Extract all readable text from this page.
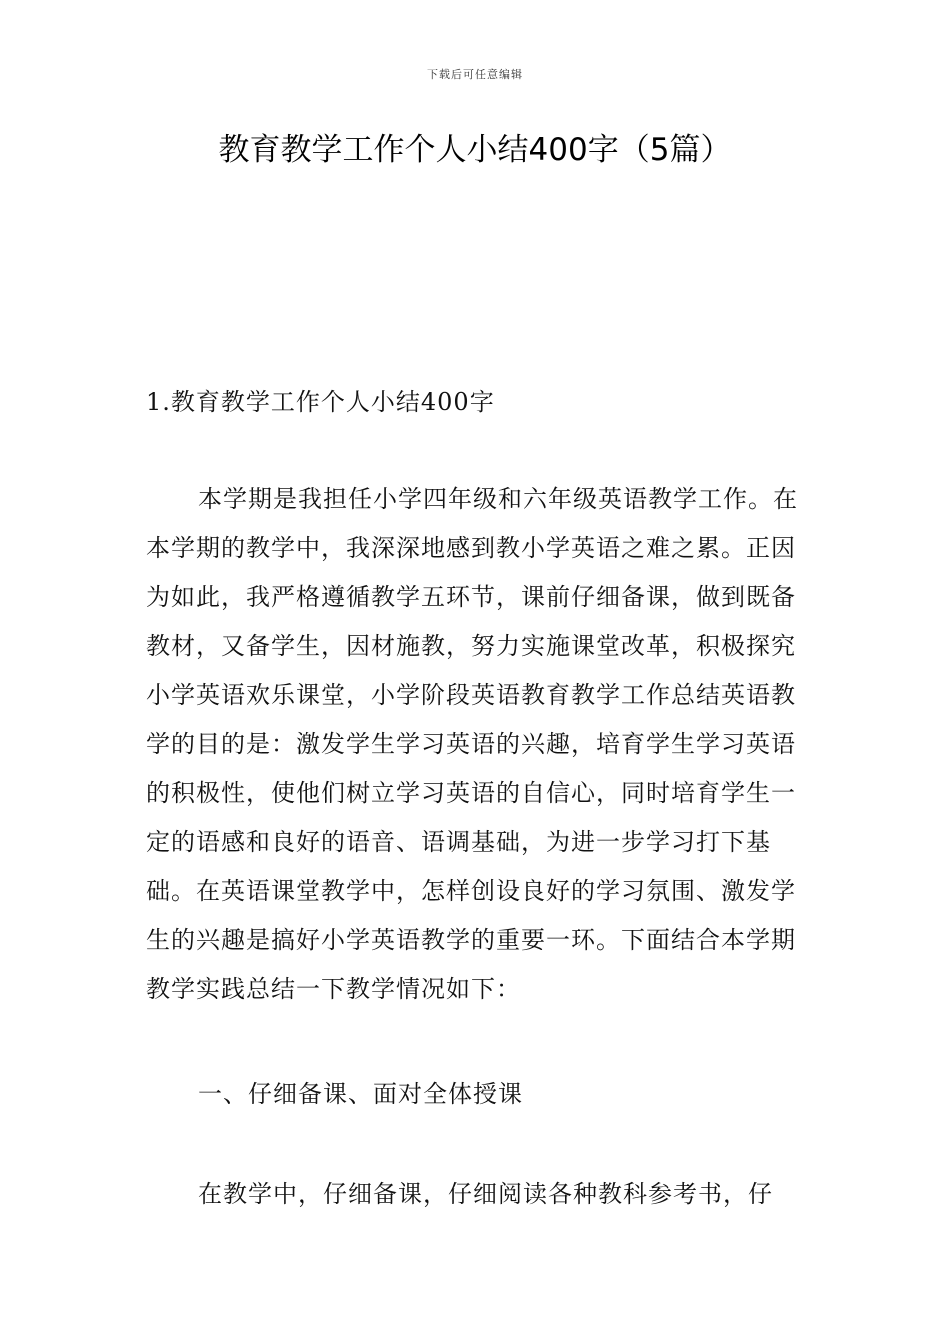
下载后可任意编辑
教育教学工作个人小结400字（5篇）

1.教育教学工作个人小结400字

本学期是我担任小学四年级和六年级英语教学工作。在本学期的教学中，我深深地感到教小学英语之难之累。正因为如此，我严格遵循教学五环节，课前仔细备课，做到既备教材，又备学生，因材施教，努力实施课堂改革，积极探究小学英语欢乐课堂，小学阶段英语教育教学工作总结英语教学的目的是：激发学生学习英语的兴趣，培育学生学习英语的积极性，使他们树立学习英语的自信心，同时培育学生一定的语感和良好的语音、语调基础，为进一步学习打下基础。在英语课堂教学中，怎样创设良好的学习氛围、激发学生的兴趣是搞好小学英语教学的重要一环。下面结合本学期教学实践总结一下教学情况如下：

一、仔细备课、面对全体授课

在教学中，仔细备课，仔细阅读各种教科参考书，仔
